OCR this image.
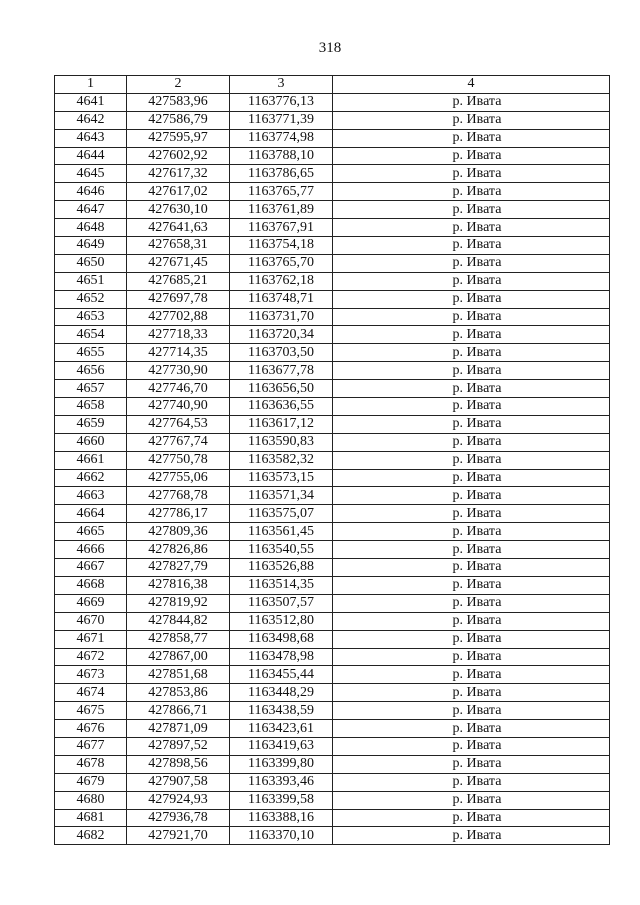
318
1	2	3	4
4641	427583,96	1163776,13	р. Ивата
4642	427586,79	1163771,39	р. Ивата
4643	427595,97	1163774,98	р. Ивата
4644	427602,92	1163788,10	р. Ивата
4645	427617,32	1163786,65	р. Ивата
4646	427617,02	1163765,77	р. Ивата
4647	427630,10	1163761,89	р. Ивата
4648	427641,63	1163767,91	р. Ивата
4649	427658,31	1163754,18	р. Ивата
4650	427671,45	1163765,70	р. Ивата
4651	427685,21	1163762,18	р. Ивата
4652	427697,78	1163748,71	р. Ивата
4653	427702,88	1163731,70	р. Ивата
4654	427718,33	1163720,34	р. Ивата
4655	427714,35	1163703,50	р. Ивата
4656	427730,90	1163677,78	р. Ивата
4657	427746,70	1163656,50	р. Ивата
4658	427740,90	1163636,55	р. Ивата
4659	427764,53	1163617,12	р. Ивата
4660	427767,74	1163590,83	р. Ивата
4661	427750,78	1163582,32	р. Ивата
4662	427755,06	1163573,15	р. Ивата
4663	427768,78	1163571,34	р. Ивата
4664	427786,17	1163575,07	р. Ивата
4665	427809,36	1163561,45	р. Ивата
4666	427826,86	1163540,55	р. Ивата
4667	427827,79	1163526,88	р. Ивата
4668	427816,38	1163514,35	р. Ивата
4669	427819,92	1163507,57	р. Ивата
4670	427844,82	1163512,80	р. Ивата
4671	427858,77	1163498,68	р. Ивата
4672	427867,00	1163478,98	р. Ивата
4673	427851,68	1163455,44	р. Ивата
4674	427853,86	1163448,29	р. Ивата
4675	427866,71	1163438,59	р. Ивата
4676	427871,09	1163423,61	р. Ивата
4677	427897,52	1163419,63	р. Ивата
4678	427898,56	1163399,80	р. Ивата
4679	427907,58	1163393,46	р. Ивата
4680	427924,93	1163399,58	р. Ивата
4681	427936,78	1163388,16	р. Ивата
4682	427921,70	1163370,10	р. Ивата
